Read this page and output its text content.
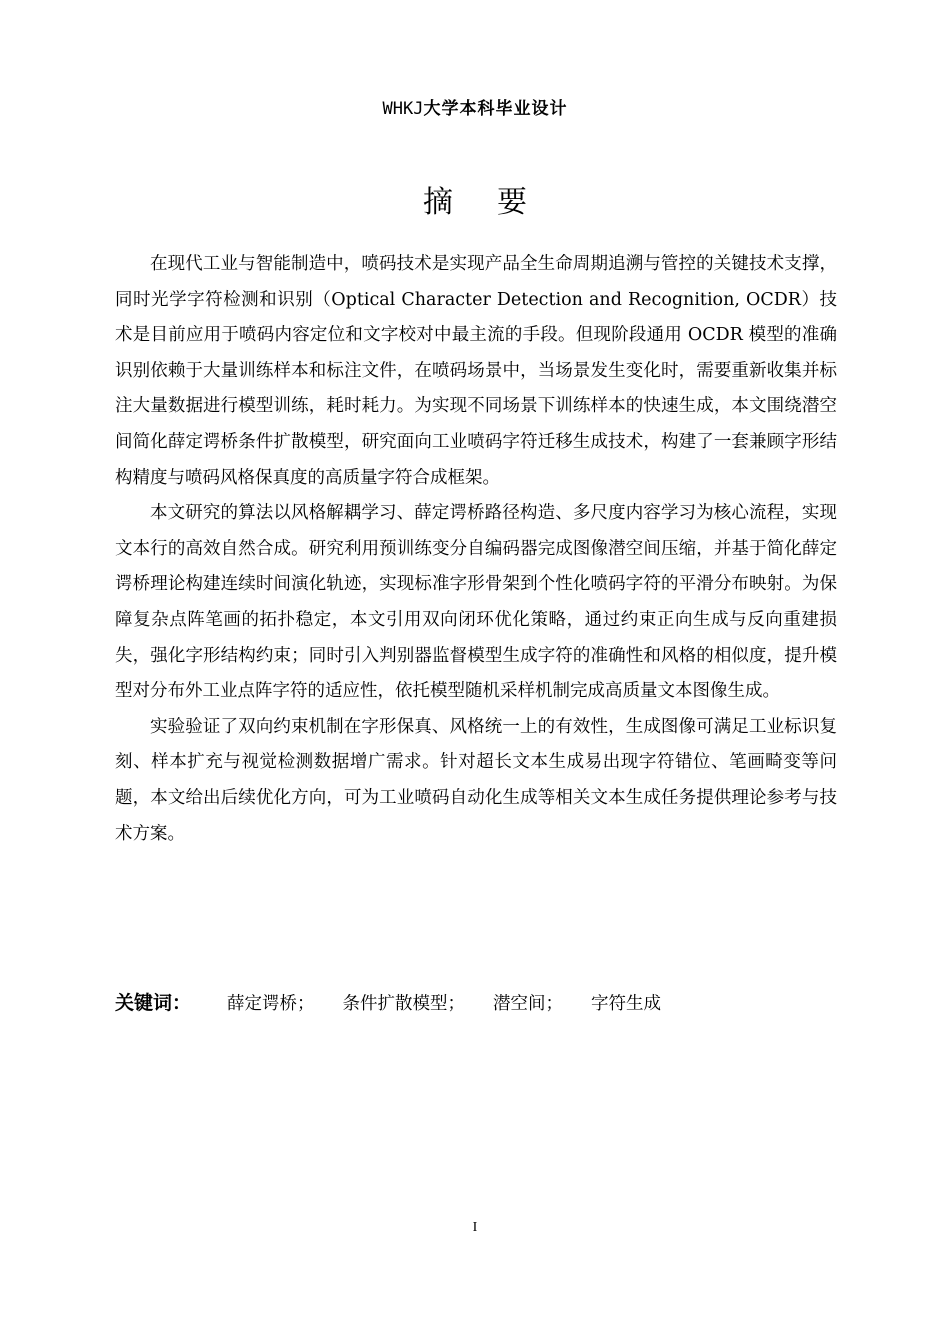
WHKJ大学本科毕业设计
摘要

在现代工业与智能制造中，喷码技术是实现产品全生命周期追溯与管控的关键技术支撑，同时光学字符检测和识别（Optical Character Detection and Recognition, OCDR）技术是目前应用于喷码内容定位和文字校对中最主流的手段。但现阶段通用 OCDR 模型的准确识别依赖于大量训练样本和标注文件，在喷码场景中，当场景发生变化时，需要重新收集并标注大量数据进行模型训练，耗时耗力。为实现不同场景下训练样本的快速生成，本文围绕潜空间简化薛定谔桥条件扩散模型，研究面向工业喷码字符迁移生成技术，构建了一套兼顾字形结构精度与喷码风格保真度的高质量字符合成框架。

本文研究的算法以风格解耦学习、薛定谔桥路径构造、多尺度内容学习为核心流程，实现文本行的高效自然合成。研究利用预训练变分自编码器完成图像潜空间压缩，并基于简化薛定谔桥理论构建连续时间演化轨迹，实现标准字形骨架到个性化喷码字符的平滑分布映射。为保障复杂点阵笔画的拓扑稳定，本文引用双向闭环优化策略，通过约束正向生成与反向重建损失，强化字形结构约束；同时引入判别器监督模型生成字符的准确性和风格的相似度，提升模型对分布外工业点阵字符的适应性，依托模型随机采样机制完成高质量文本图像生成。

实验验证了双向约束机制在字形保真、风格统一上的有效性，生成图像可满足工业标识复刻、样本扩充与视觉检测数据增广需求。针对超长文本生成易出现字符错位、笔画畸变等问题，本文给出后续优化方向，可为工业喷码自动化生成等相关文本生成任务提供理论参考与技术方案。

关键词： 薛定谔桥； 条件扩散模型； 潜空间； 字符生成
I
